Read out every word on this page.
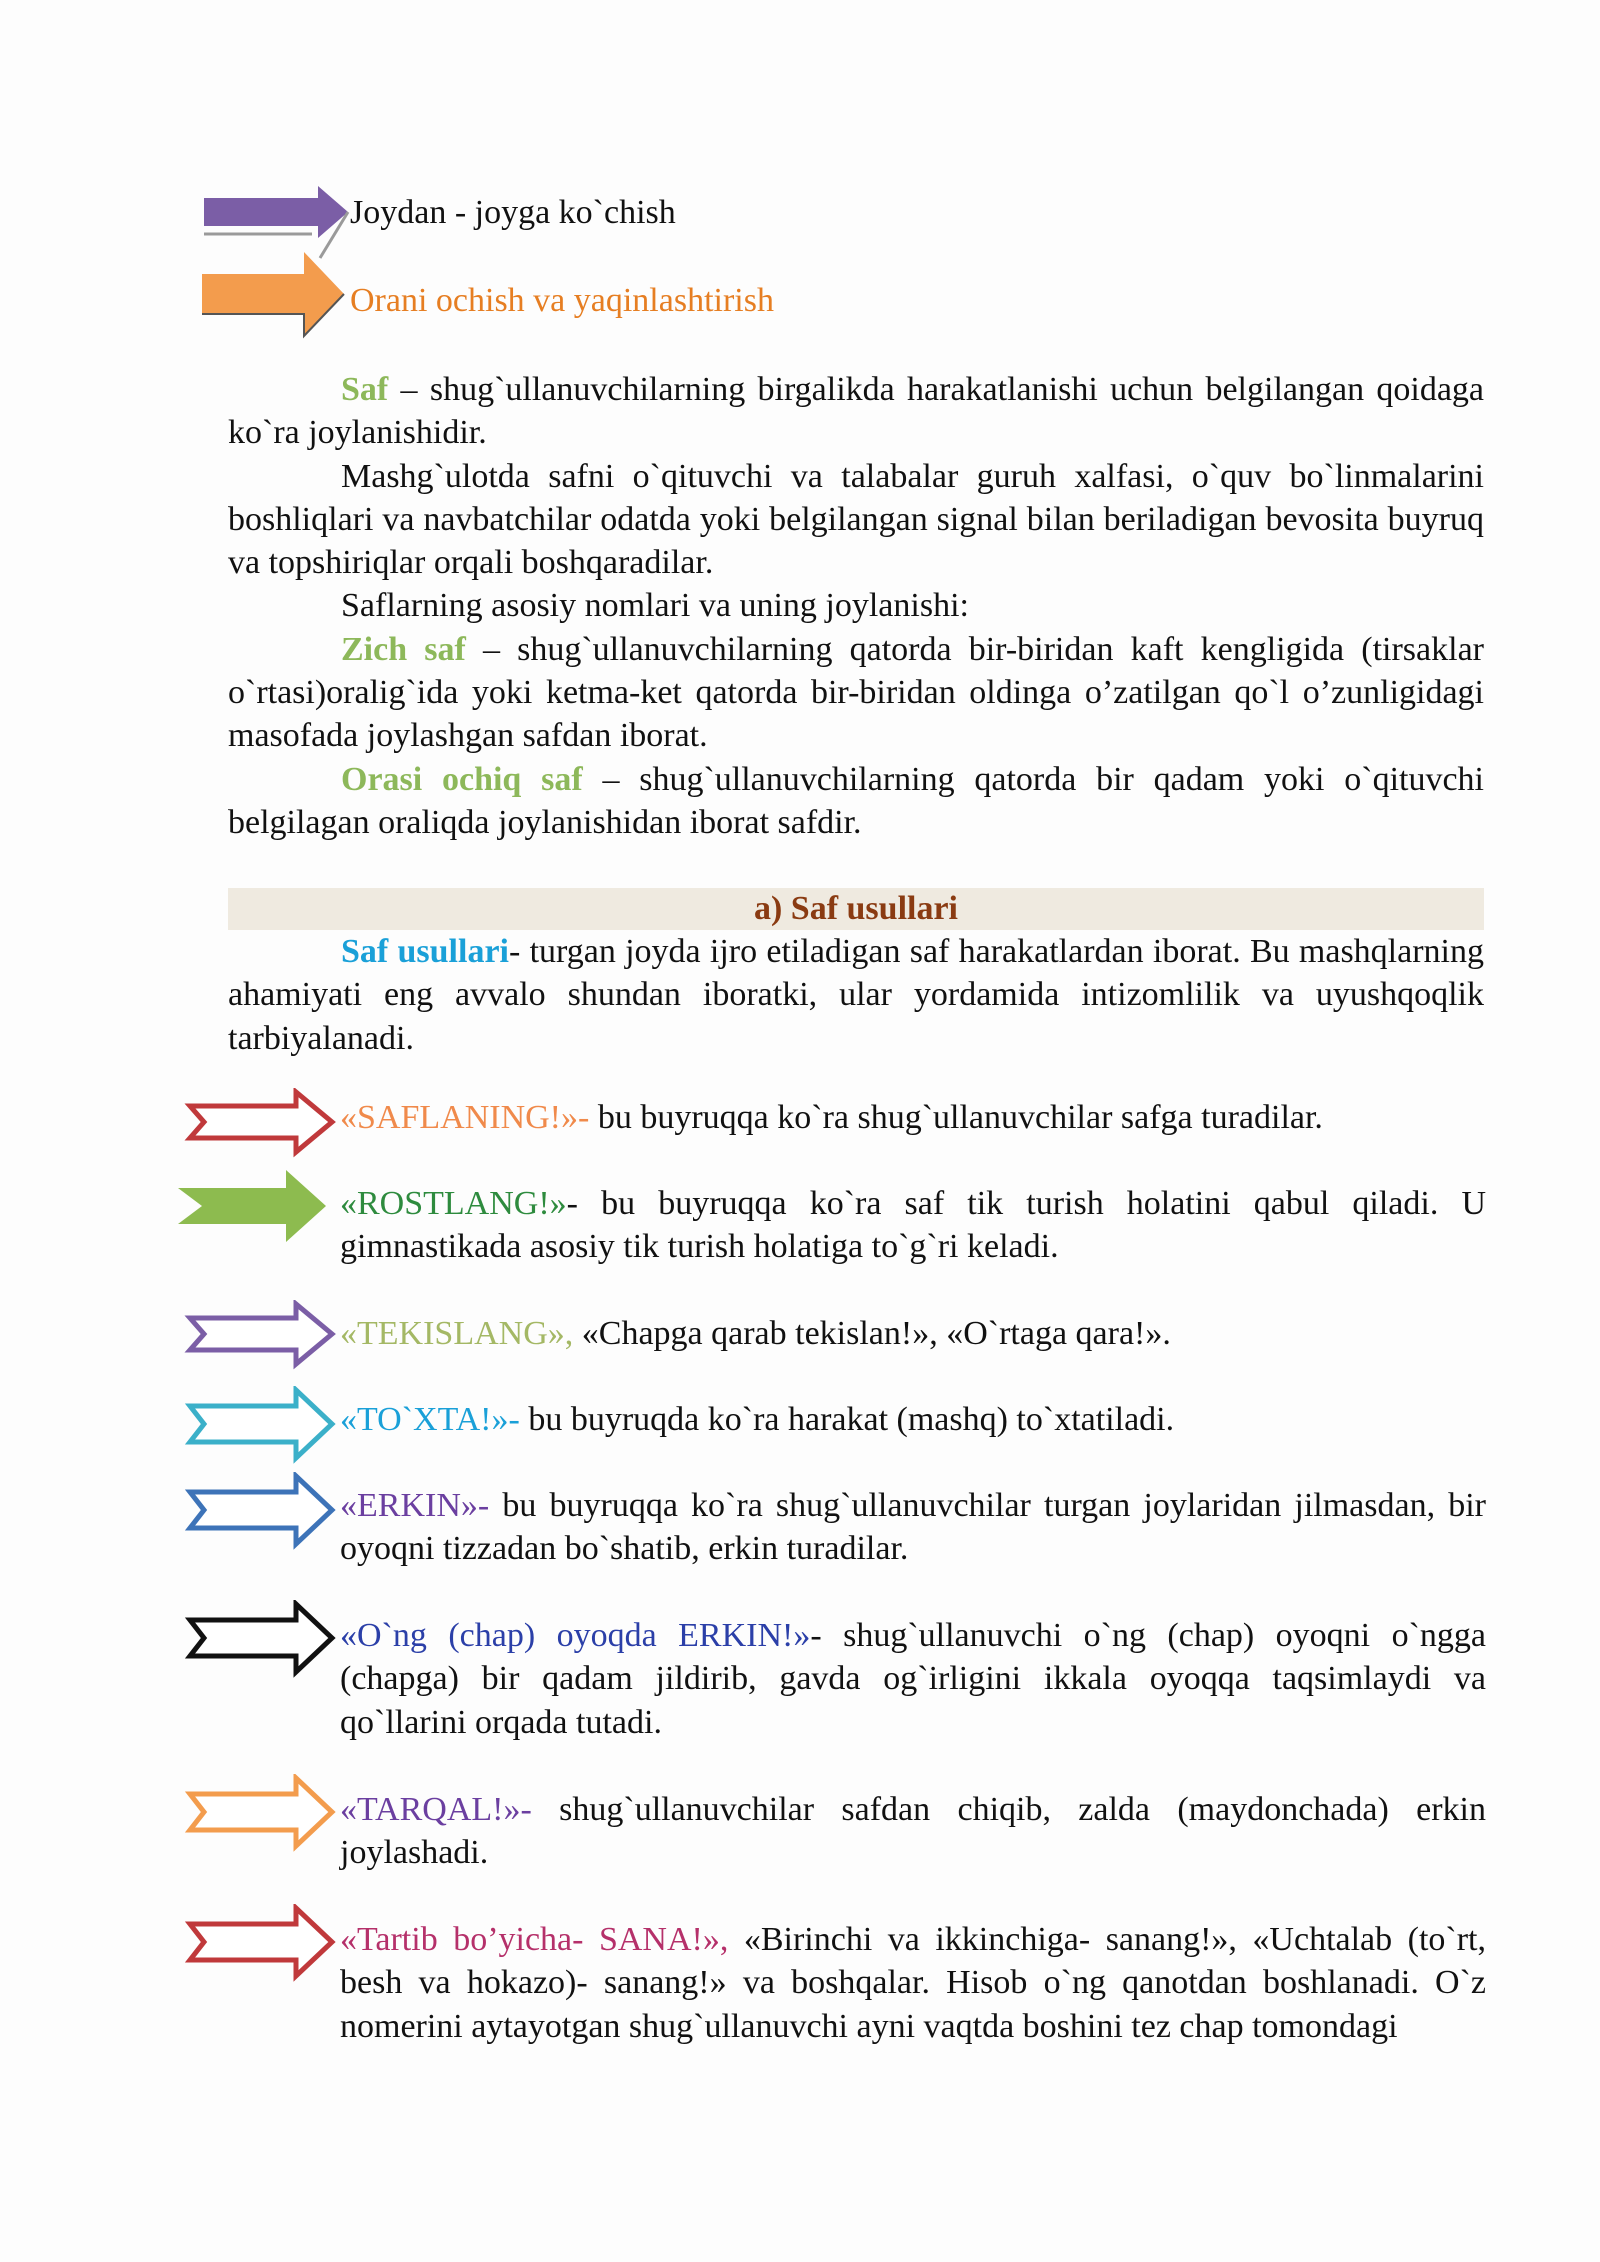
Joydan - joyga ko`chish
Orani ochish va yaqinlashtirish

Saf – shug`ullanuvchilarning birgalikda harakatlanishi uchun belgilangan qoidaga ko`ra joylanishidir.

Mashg`ulotda safni o`qituvchi va talabalar guruh xalfasi, o`quv bo`linmalarini boshliqlari va navbatchilar odatda yoki belgilangan signal bilan beriladigan bevosita buyruq va topshiriqlar orqali boshqaradilar.

Saflarning asosiy nomlari va uning joylanishi:

Zich saf – shug`ullanuvchilarning qatorda bir-biridan kaft kengligida (tirsaklar o`rtasi)oralig`ida yoki ketma-ket qatorda bir-biridan oldinga o’zatilgan qo`l o’zunligidagi masofada joylashgan safdan iborat.

Orasi ochiq saf – shug`ullanuvchilarning qatorda bir qadam yoki o`qituvchi belgilagan oraliqda joylanishidan iborat safdir.

a) Saf usullari

Saf usullari- turgan joyda ijro etiladigan saf harakatlardan iborat. Bu mashqlarning ahamiyati eng avvalo shundan iboratki, ular yordamida intizomlilik va uyushqoqlik tarbiyalanadi.

«SAFLANING!»- bu buyruqqa ko`ra shug`ullanuvchilar safga turadilar.
«ROSTLANG!»- bu buyruqqa ko`ra saf tik turish holatini qabul qiladi. U gimnastikada asosiy tik turish holatiga to`g`ri keladi.
«TEKISLANG», «Chapga qarab tekislan!», «O`rtaga qara!».
«TO`XTA!»- bu buyruqda ko`ra harakat (mashq) to`xtatiladi.
«ERKIN»- bu buyruqqa ko`ra shug`ullanuvchilar turgan joylaridan jilmasdan, bir oyoqni tizzadan bo`shatib, erkin turadilar.
«O`ng (chap) oyoqda ERKIN!»- shug`ullanuvchi o`ng (chap) oyoqni o`ngga (chapga) bir qadam jildirib, gavda og`irligini ikkala oyoqqa taqsimlaydi va qo`llarini orqada tutadi.
«TARQAL!»- shug`ullanuvchilar safdan chiqib, zalda (maydonchada) erkin joylashadi.
«Tartib bo’yicha- SANA!», «Birinchi va ikkinchiga- sanang!», «Uchtalab (to`rt, besh va hokazo)- sanang!» va boshqalar. Hisob o`ng qanotdan boshlanadi. O`z nomerini aytayotgan shug`ullanuvchi ayni vaqtda boshini tez chap tomondagi
